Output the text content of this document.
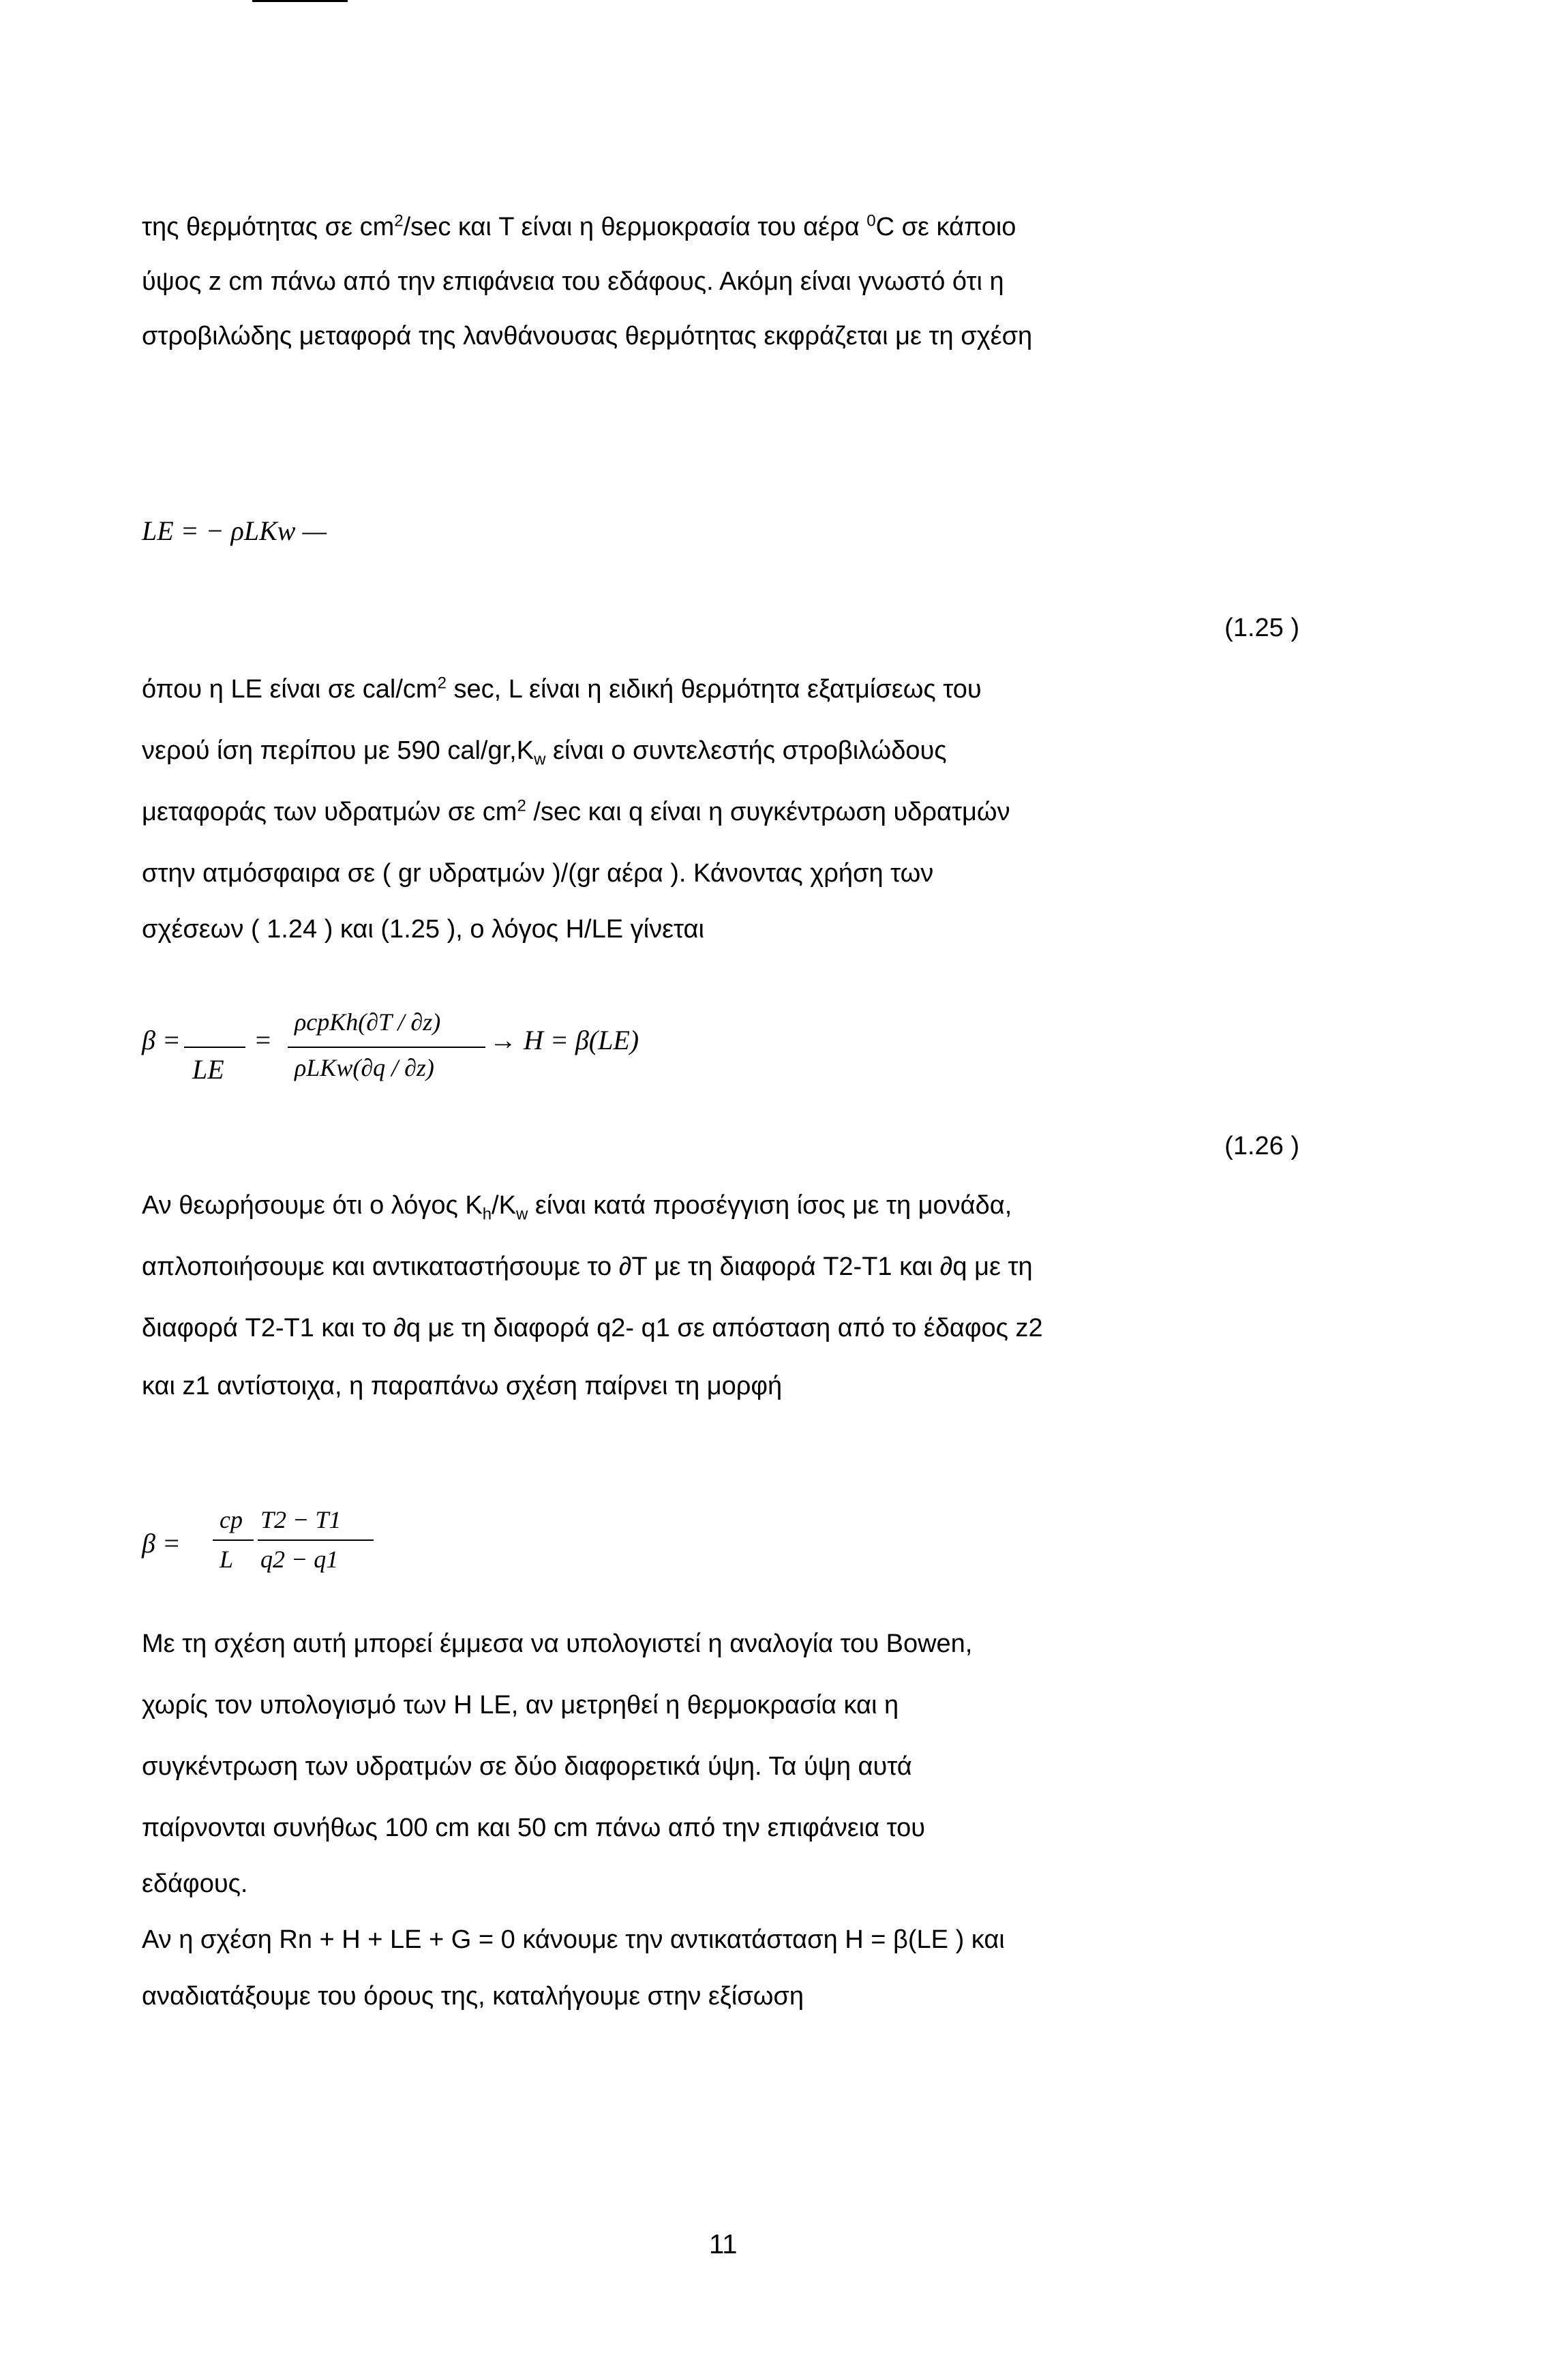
της θερμότητας σε $cm^2/\sec$ και T είναι η θερμοκρασία του αέρα $^0$C σε κάποιο
ύψος z cm πάνω από την επιφάνεια του εδάφους. Ακόμη είναι γνωστό ότι η
στροβιλώδης μεταφορά της λανθάνουσας θερμότητας εκφράζεται με τη σχέση
LE = − ρLKw —
(1.25 )
όπου η LE είναι σε cal/$cm^2$ sec, L είναι η ειδική θερμότητα εξατμίσεως του
νερού ίση περίπου με 590 cal/$gr,K_w$ είναι ο συντελεστής στροβιλώδους
μεταφοράς των υδρατμών σε $cm^2$ /sec και q είναι η συγκέντρωση υδρατμών
στην ατμόσφαιρα σε ( gr υδρατμών )/(gr αέρα ). Κάνοντας χρήση των
σχέσεων ( 1.24 ) και (1.25 ), ο λόγος H/LE γίνεται
β =
LE
=
ρcpKh(∂T / ∂z)
ρLKw(∂q / ∂z)
→ H = β(LE)
(1.26 )
Αν θεωρήσουμε ότι ο λόγος $K_h/K_w$ είναι κατά προσέγγιση ίσος με τη μονάδα,
απλοποιήσουμε και αντικαταστήσουμε το ∂T με τη διαφορά T2-T1 και ∂q με τη
διαφορά T2-T1 και το ∂q με τη διαφορά q2- q1 σε απόσταση από το έδαφος z2
και z1 αντίστοιχα, η παραπάνω σχέση παίρνει τη μορφή
β =
cp
L
T2 − T1
q2 − q1
Με τη σχέση αυτή μπορεί έμμεσα να υπολογιστεί η αναλογία του Bowen,
χωρίς τον υπολογισμό των H LE, αν μετρηθεί η θερμοκρασία και η
συγκέντρωση των υδρατμών σε δύο διαφορετικά ύψη. Τα ύψη αυτά
παίρνονται συνήθως 100 cm και 50 cm πάνω από την επιφάνεια του
εδάφους.
Αν η σχέση Rn + H + LE + G = 0 κάνουμε την αντικατάσταση H = β(LE ) και
αναδιατάξουμε του όρους της, καταλήγουμε στην εξίσωση
11
